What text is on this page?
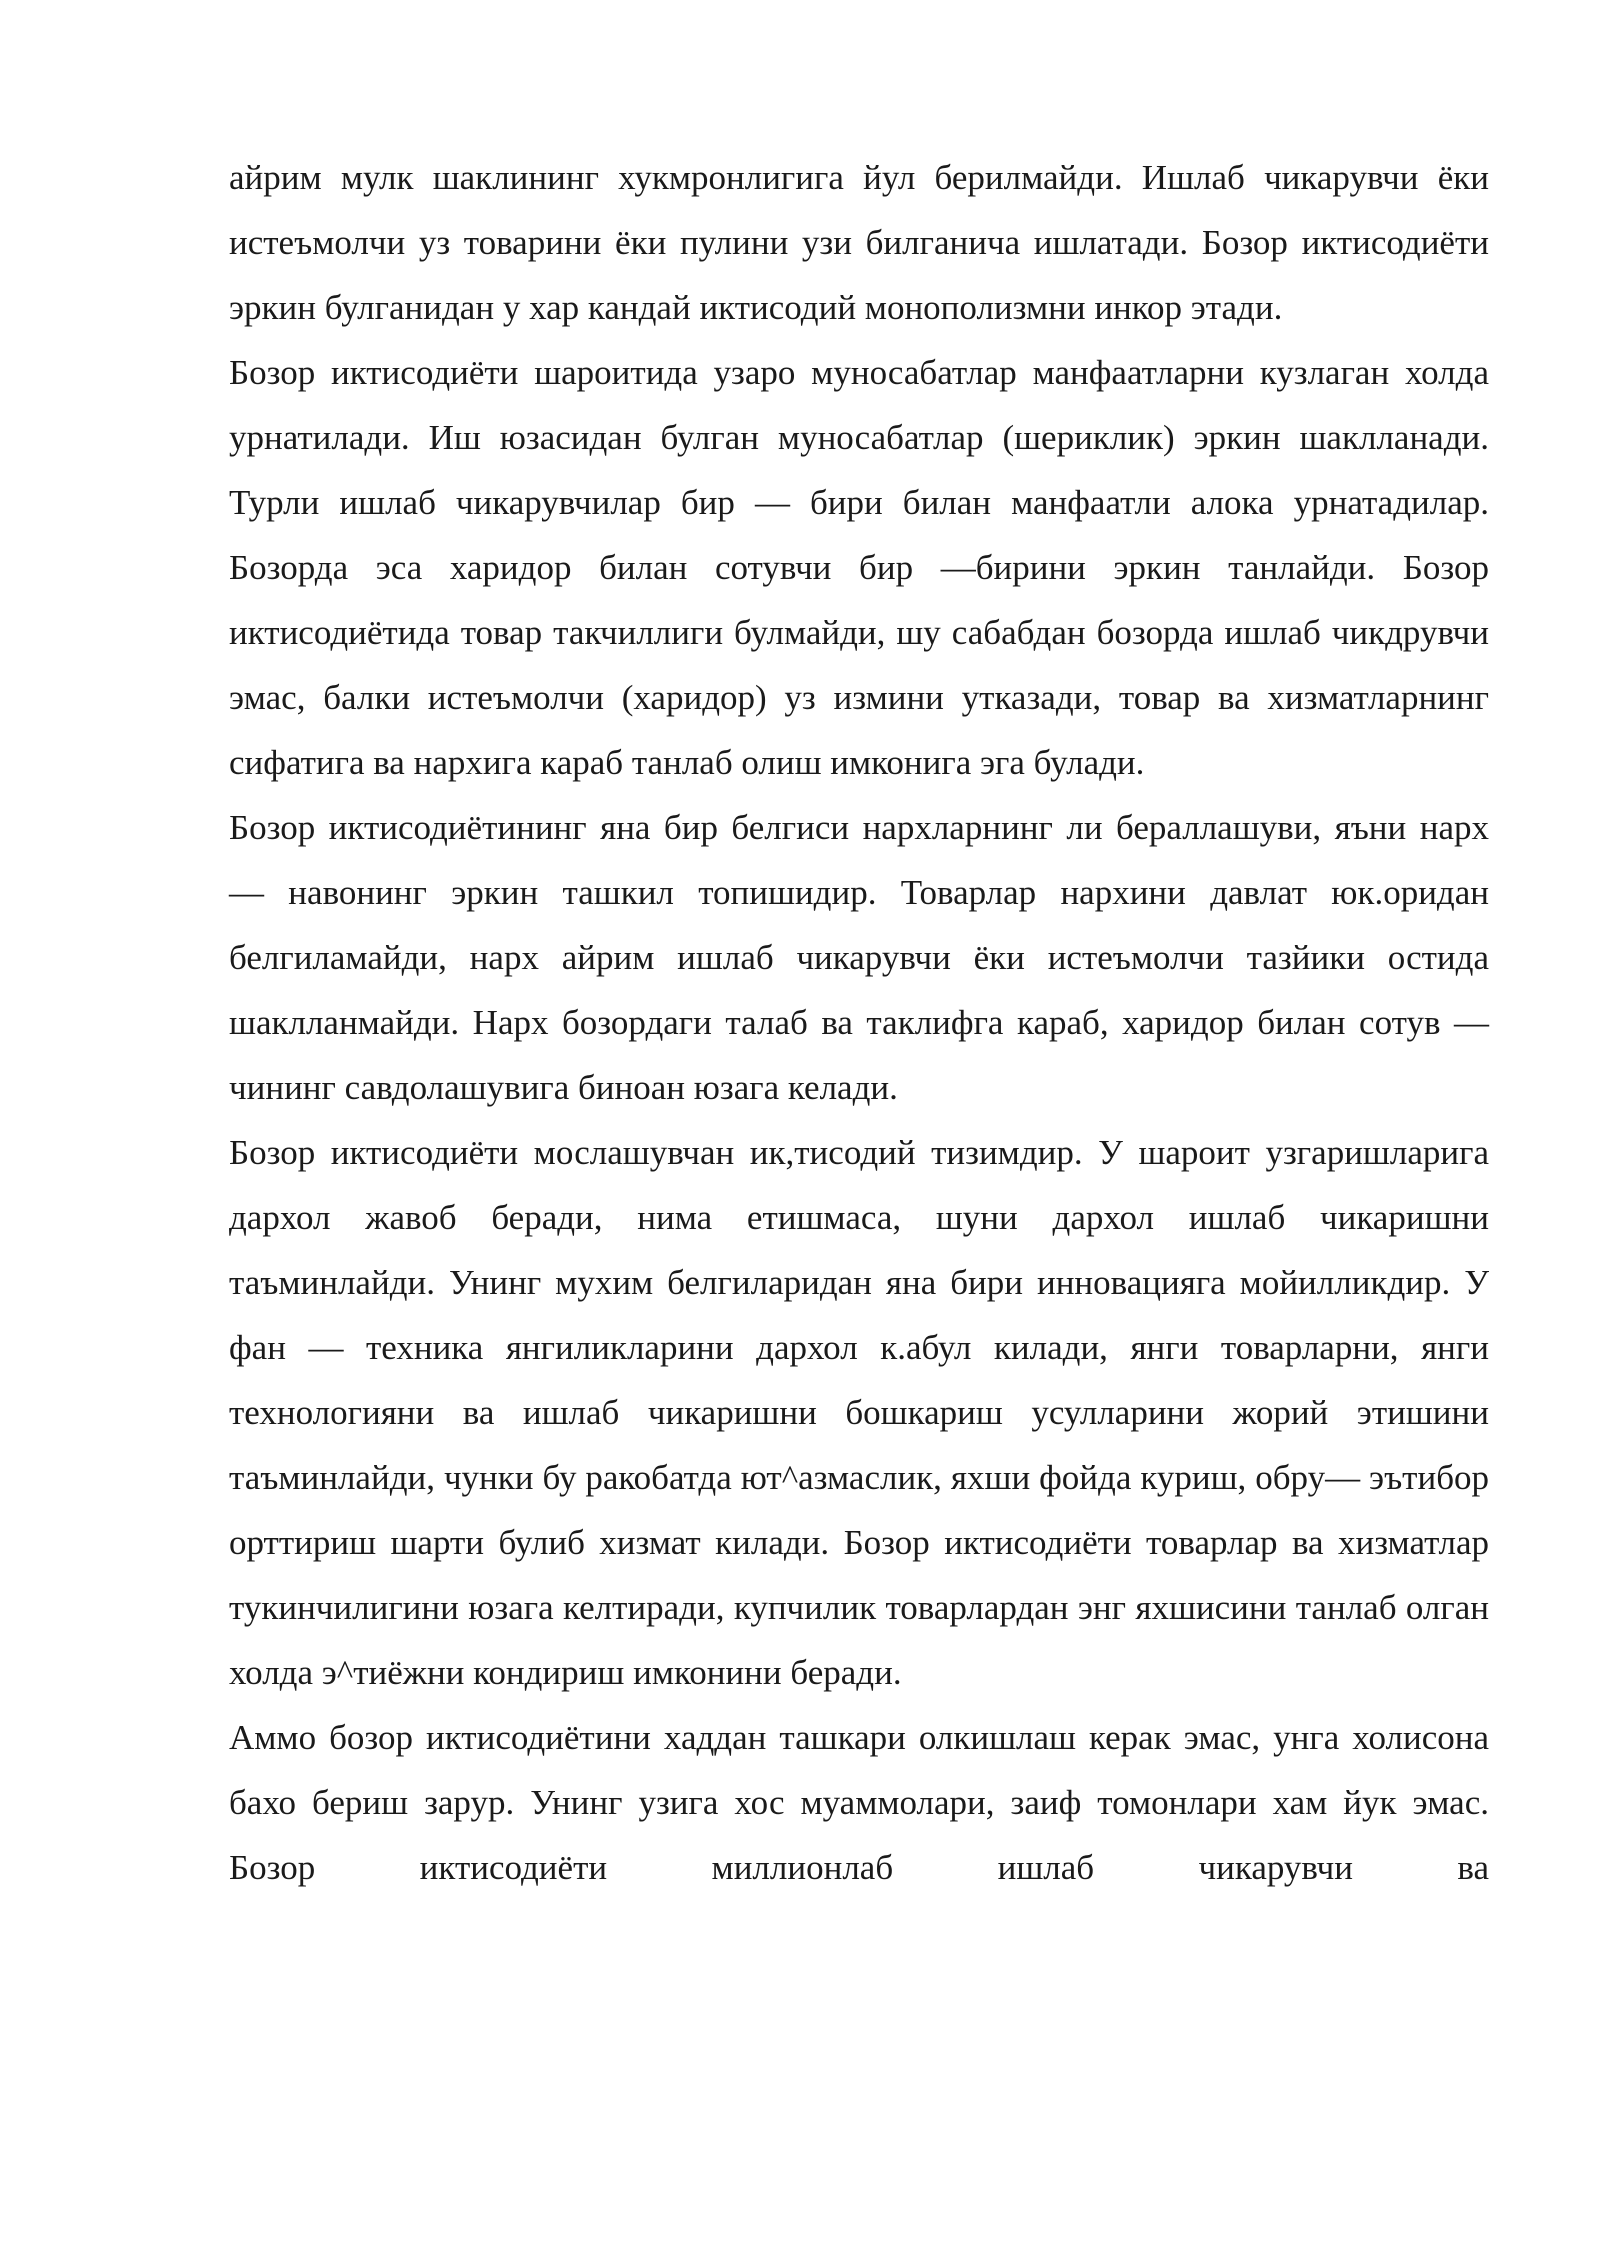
айрим мулк шаклининг хукмронлигига йул берилмайди. Ишлаб чикарувчи ёки истеъмолчи уз товарини ёки пулини узи билганича ишлатади. Бозор иктисодиёти эркин булганидан у хар кандай иктисодий монополизмни инкор этади.

Бозор иктисодиёти шароитида узаро муносабатлар манфаатларни кузлаган холда урнатилади. Иш юзасидан булган муносабатлар (шериклик) эркин шаклланади. Турли ишлаб чикарувчилар бир — бири билан манфаатли алока урнатадилар. Бозорда эса харидор билан сотувчи бир —бирини эркин танлайди. Бозор иктисодиётида товар такчиллиги булмайди, шу сабабдан бозорда ишлаб чикдрувчи эмас, балки истеъмолчи (харидор) уз измини утказади, товар ва хизматларнинг сифатига ва нархига караб танлаб олиш имконига эга булади.

Бозор иктисодиётининг яна бир белгиси нархларнинг ли бераллашуви, яъни нарх — навонинг эркин ташкил топишидир. Товарлар нархини давлат юк.оридан белгиламайди, нарх айрим ишлаб чикарувчи ёки истеъмолчи тазйики остида шаклланмайди. Нарх бозордаги талаб ва таклифга караб, харидор билан сотув — чининг савдолашувига биноан юзага келади.

Бозор иктисодиёти мослашувчан ик,тисодий тизимдир. У шароит узгаришларига дархол жавоб беради, нима етишмаса, шуни дархол ишлаб чикаришни таъминлайди. Унинг мухим белгиларидан яна бири инновацияга мойилликдир. У фан — техника янгиликларини дархол к.абул килади, янги товарларни, янги технологияни ва ишлаб чикаришни бошкариш усулларини жорий этишини таъминлайди, чунки бу ракобатда ют^азмаслик, яхши фойда куриш, обру— эътибор орттириш шарти булиб хизмат килади. Бозор иктисодиёти товарлар ва хизматлар тукинчилигини юзага келтиради, купчилик товарлардан энг яхшисини танлаб олган холда э^тиёжни кондириш имконини беради.

Аммо бозор иктисодиётини хаддан ташкари олкишлаш керак эмас, унга холисона бахо бериш зарур. Унинг узига хос муаммолари, заиф томонлари хам йук эмас. Бозор иктисодиёти миллионлаб ишлаб чикарувчи ва
